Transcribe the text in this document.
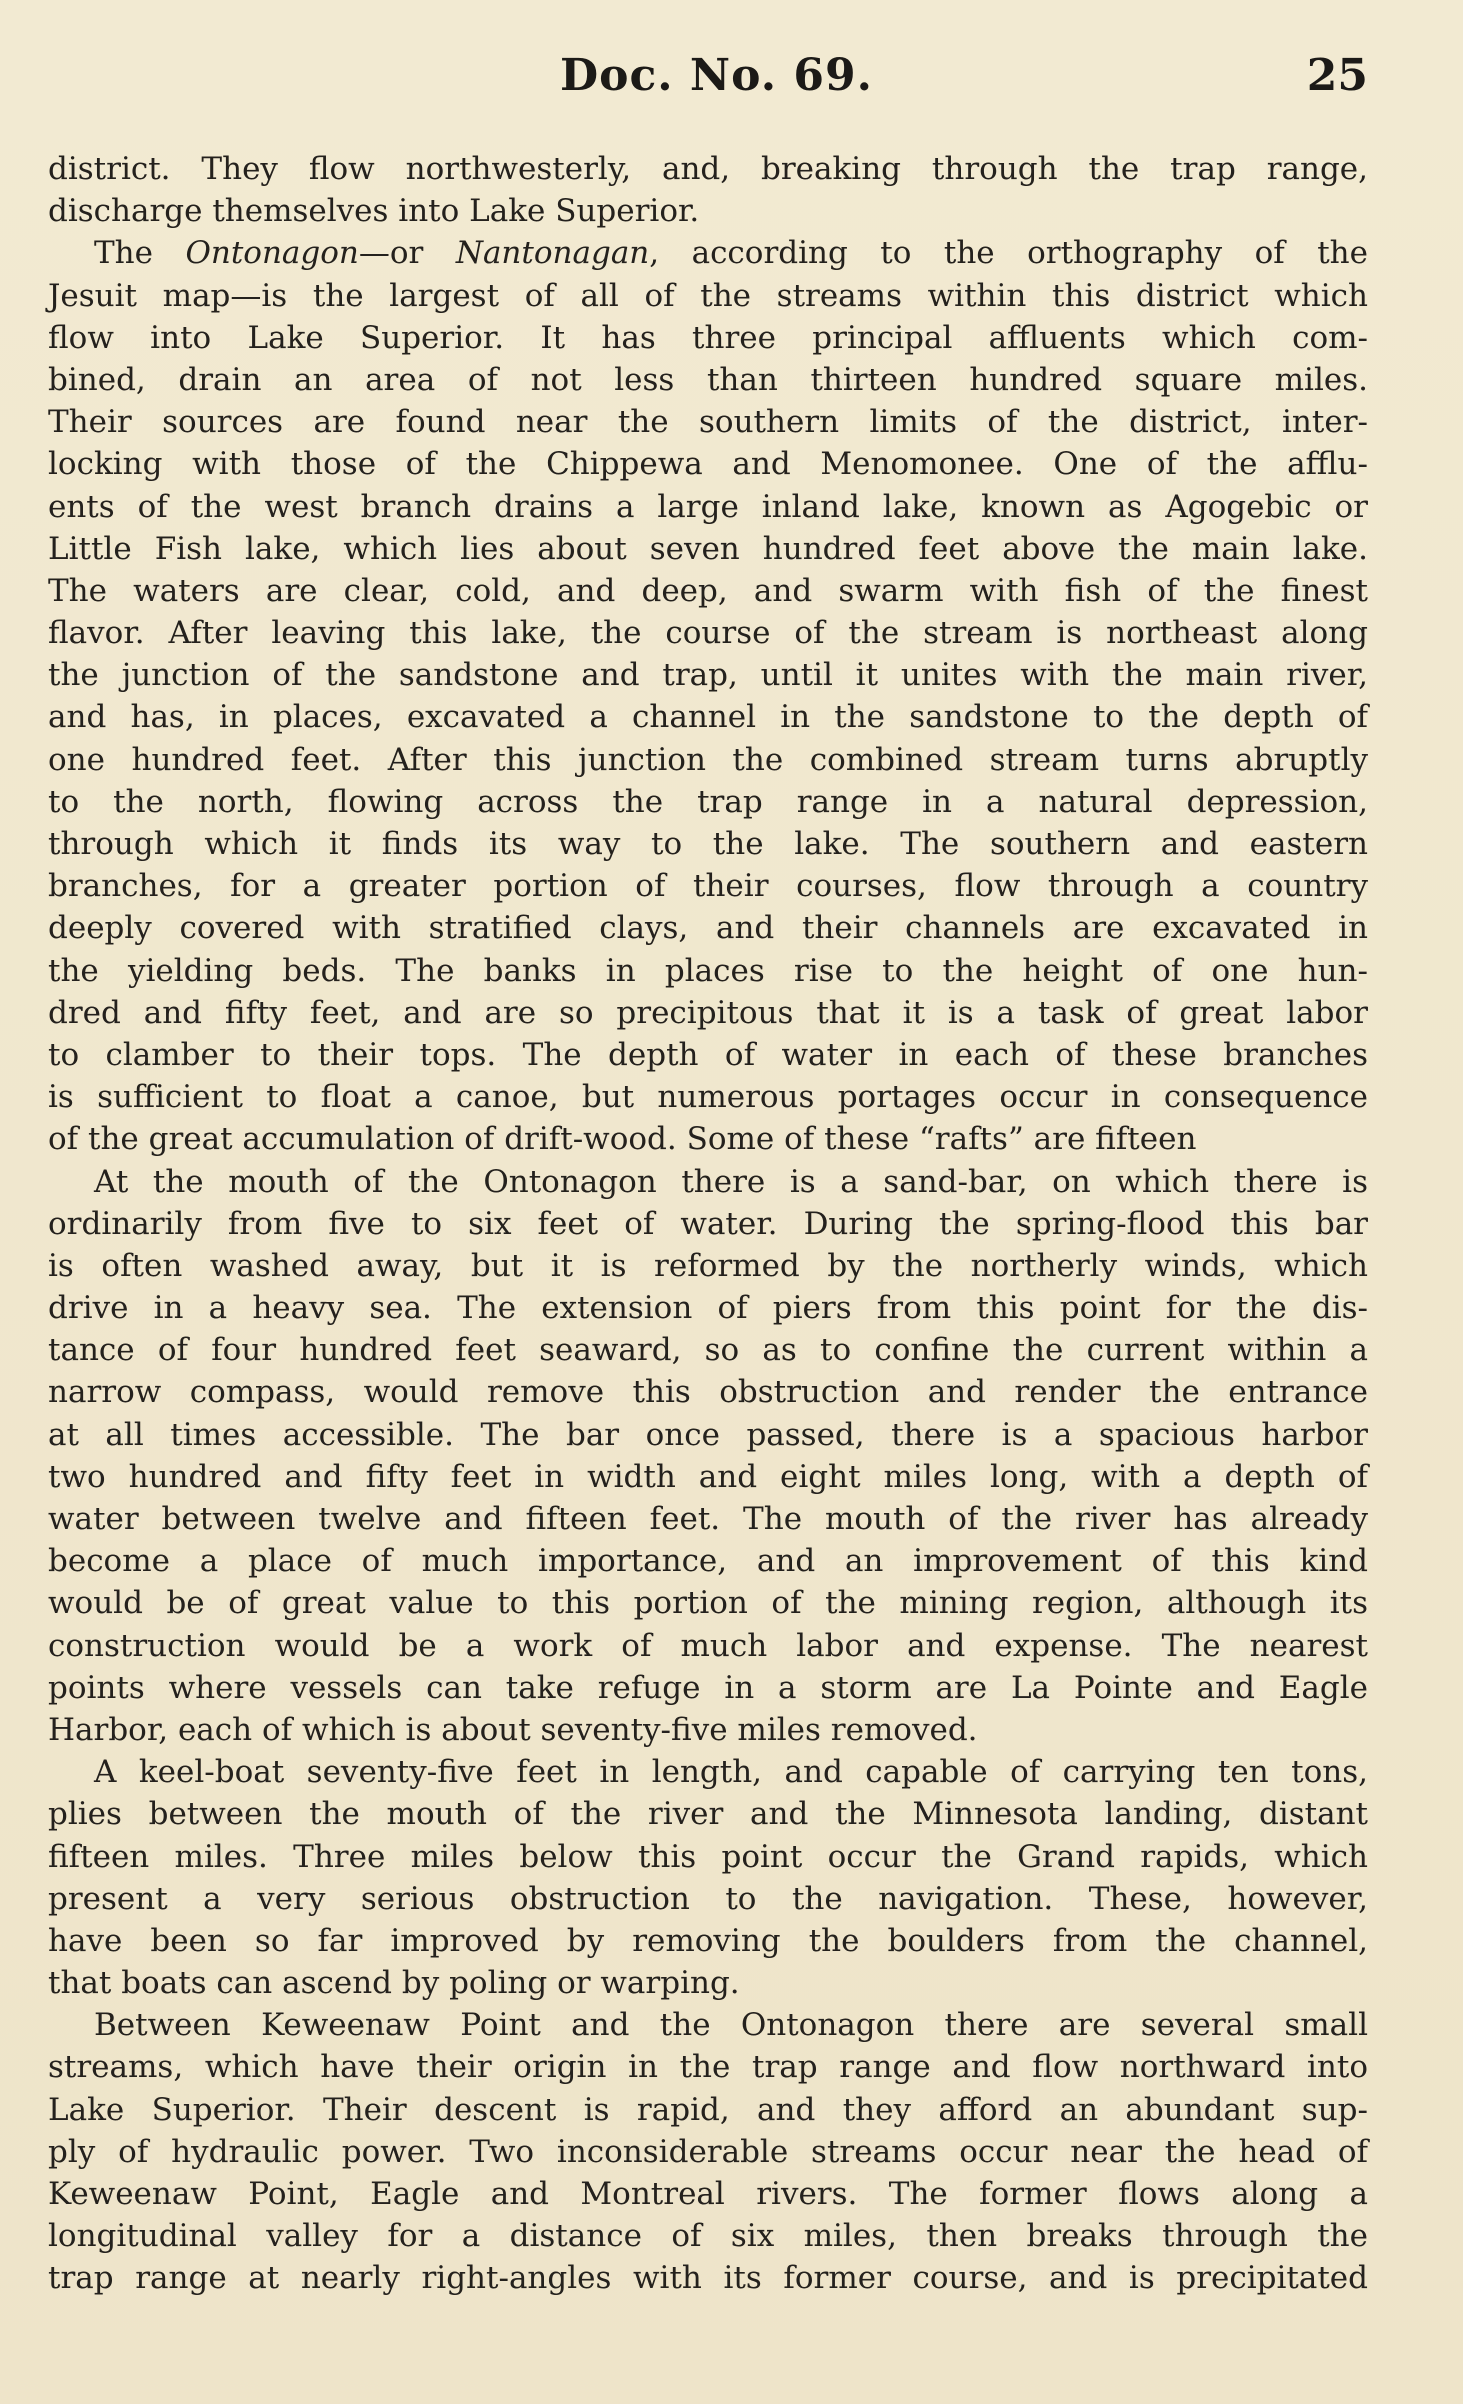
Doc. No. 69.	25
district. They flow northwesterly, and, breaking through the trap range,
discharge themselves into Lake Superior.
The Ontonagon—or Nantonagan, according to the orthography of the
Jesuit map—is the largest of all of the streams within this district which
flow into Lake Superior. It has three principal affluents which com-
bined, drain an area of not less than thirteen hundred square miles.
Their sources are found near the southern limits of the district, inter-
locking with those of the Chippewa and Menomonee. One of the afflu-
ents of the west branch drains a large inland lake, known as Agogebic or
Little Fish lake, which lies about seven hundred feet above the main lake.
The waters are clear, cold, and deep, and swarm with fish of the finest
flavor. After leaving this lake, the course of the stream is northeast along
the junction of the sandstone and trap, until it unites with the main river,
and has, in places, excavated a channel in the sandstone to the depth of
one hundred feet. After this junction the combined stream turns abruptly
to the north, flowing across the trap range in a natural depression,
through which it finds its way to the lake. The southern and eastern
branches, for a greater portion of their courses, flow through a country
deeply covered with stratified clays, and their channels are excavated in
the yielding beds. The banks in places rise to the height of one hun-
dred and fifty feet, and are so precipitous that it is a task of great labor
to clamber to their tops. The depth of water in each of these branches
is sufficient to float a canoe, but numerous portages occur in consequence
of the great accumulation of drift-wood. Some of these “rafts” are fifteen
At the mouth of the Ontonagon there is a sand-bar, on which there is
ordinarily from five to six feet of water. During the spring-flood this bar
is often washed away, but it is reformed by the northerly winds, which
drive in a heavy sea. The extension of piers from this point for the dis-
tance of four hundred feet seaward, so as to confine the current within a
narrow compass, would remove this obstruction and render the entrance
at all times accessible. The bar once passed, there is a spacious harbor
two hundred and fifty feet in width and eight miles long, with a depth of
water between twelve and fifteen feet. The mouth of the river has already
become a place of much importance, and an improvement of this kind
would be of great value to this portion of the mining region, although its
construction would be a work of much labor and expense. The nearest
points where vessels can take refuge in a storm are La Pointe and Eagle
Harbor, each of which is about seventy-five miles removed.
A keel-boat seventy-five feet in length, and capable of carrying ten tons,
plies between the mouth of the river and the Minnesota landing, distant
fifteen miles. Three miles below this point occur the Grand rapids, which
present a very serious obstruction to the navigation. These, however,
have been so far improved by removing the boulders from the channel,
that boats can ascend by poling or warping.
Between Keweenaw Point and the Ontonagon there are several small
streams, which have their origin in the trap range and flow northward into
Lake Superior. Their descent is rapid, and they afford an abundant sup-
ply of hydraulic power. Two inconsiderable streams occur near the head of
Keweenaw Point, Eagle and Montreal rivers. The former flows along a
longitudinal valley for a distance of six miles, then breaks through the
trap range at nearly right-angles with its former course, and is precipitated
